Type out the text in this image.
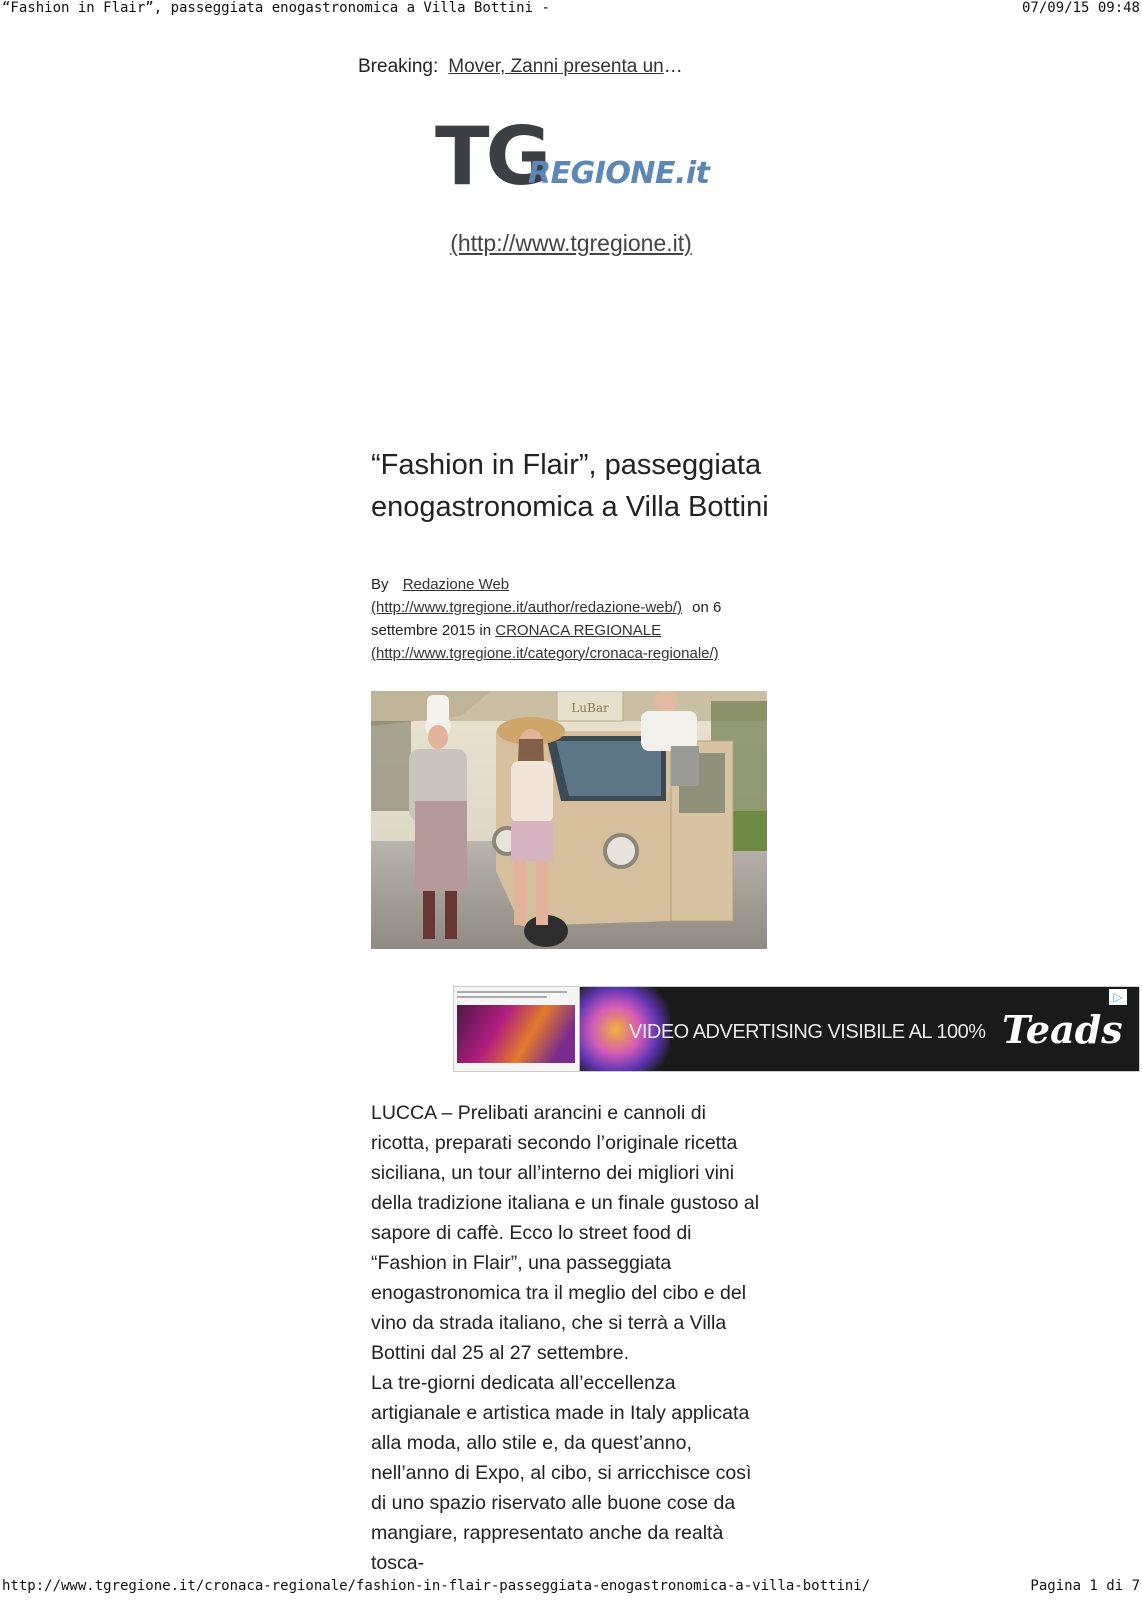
“Fashion in Flair”, passeggiata enogastronomica a Villa Bottini -	07/09/15 09:48
Breaking: Mover, Zanni presenta un…
TG
REGIONE.it
(http://www.tgregione.it)
“Fashion in Flair”, passeggiata enogastronomica a Villa Bottini
By Redazione Web
(http://www.tgregione.it/author/redazione-web/) on 6 settembre 2015 in CRONACA REGIONALE
(http://www.tgregione.it/category/cronaca-regionale/)
LuBar
VIDEO ADVERTISING VISIBILE AL 100% Teads
▷

LUCCA – Prelibati arancini e cannoli di ricotta, preparati secondo l’originale ricetta siciliana, un tour all’interno dei migliori vini della tradizione italiana e un finale gustoso al sapore di caffè. Ecco lo street food di “Fashion in Flair”, una passeggiata enogastronomica tra il meglio del cibo e del vino da strada italiano, che si terrà a Villa Bottini dal 25 al 27 settembre.

La tre-giorni dedicata all’eccellenza artigianale e artistica made in Italy applicata alla moda, allo stile e, da quest’anno, nell’anno di Expo, al cibo, si arricchisce così di uno spazio riservato alle buone cose da mangiare, rappresentato anche da realtà tosca-

http://www.tgregione.it/cronaca-regionale/fashion-in-flair-passeggiata-enogastronomica-a-villa-bottini/	Pagina 1 di 7
